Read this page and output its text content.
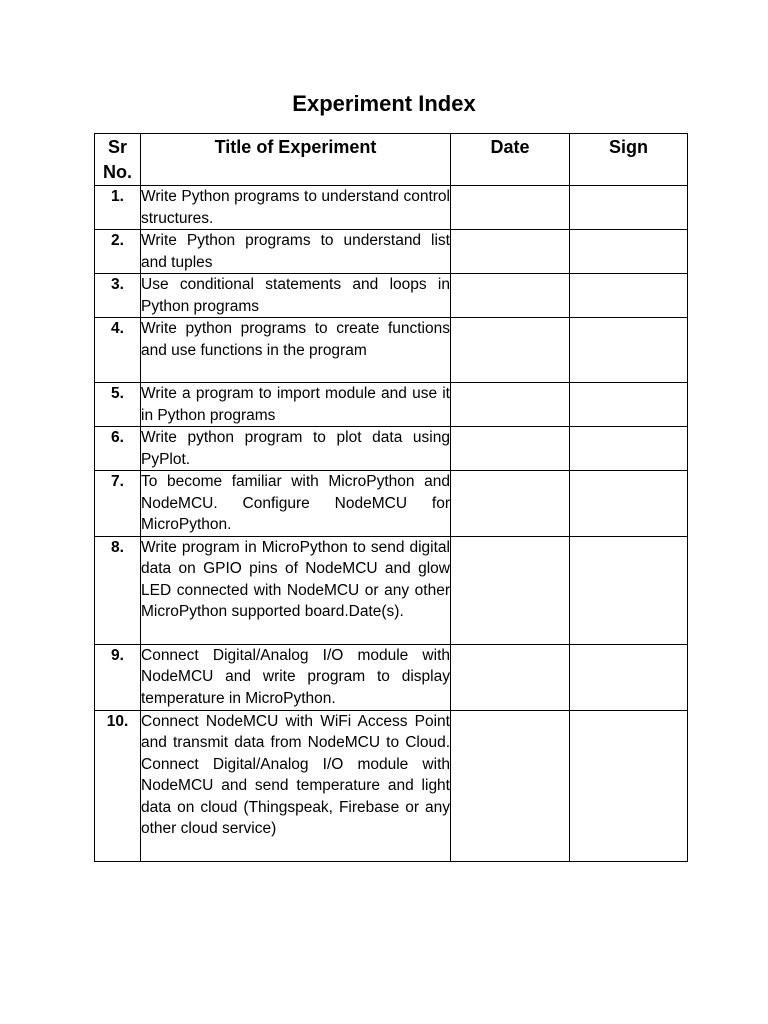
Experiment Index
Sr No.	Title of Experiment	Date	Sign
1.	Write Python programs to understand control structures.		
2.	Write Python programs to understand list and tuples		
3.	Use conditional statements and loops in Python programs		
4.	Write python programs to create functions and use functions in the program		
5.	Write a program to import module and use it in Python programs		
6.	Write python program to plot data using PyPlot.		
7.	To become familiar with MicroPython and NodeMCU. Configure NodeMCU for MicroPython.		
8.	Write program in MicroPython to send digital data on GPIO pins of NodeMCU and glow LED connected with NodeMCU or any other MicroPython supported board.Date(s).		
9.	Connect Digital/Analog I/O module with NodeMCU and write program to display temperature in MicroPython.		
10.	Connect NodeMCU with WiFi Access Point and transmit data from NodeMCU to Cloud. Connect Digital/Analog I/O module with NodeMCU and send temperature and light data on cloud (Thingspeak, Firebase or any other cloud service)		
